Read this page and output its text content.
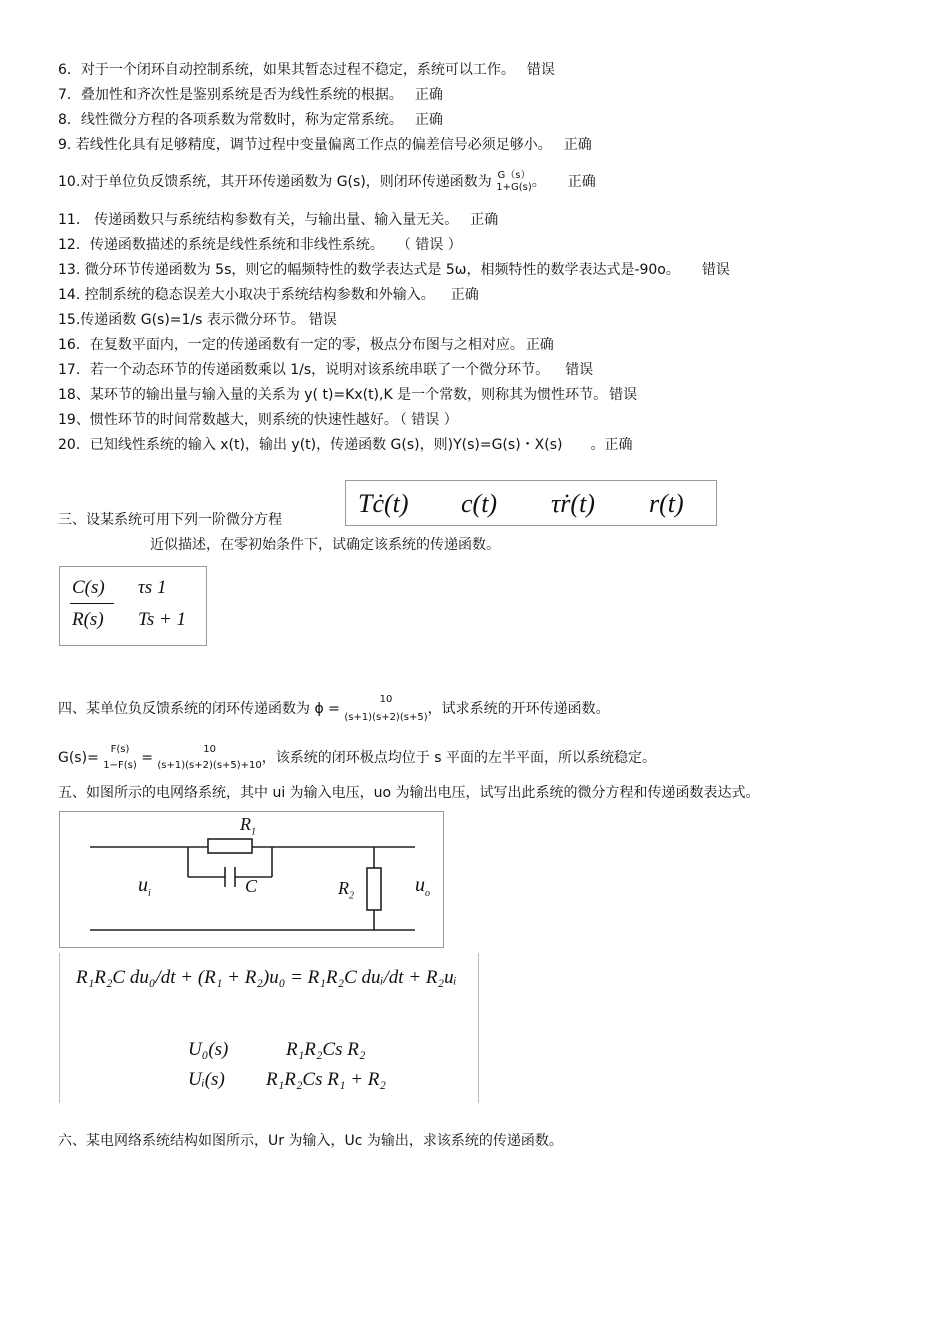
6．对于一个闭环自动控制系统，如果其暂态过程不稳定，系统可以工作。 错误
7．叠加性和齐次性是鉴别系统是否为线性系统的根据。 正确
8．线性微分方程的各项系数为常数时，称为定常系统。 正确
9. 若线性化具有足够精度，调节过程中变量偏离工作点的偏差信号必须足够小。 正确
10.对于单位负反馈系统，其开环传递函数为 G(s)，则闭环传递函数为 G（s）
1+G(s) 。 正确
11． 传递函数只与系统结构参数有关，与输出量、输入量无关。 正确
12．传递函数描述的系统是线性系统和非线性系统。 （ 错误 ）
13. 微分环节传递函数为 5s，则它的幅频特性的数学表达式是 5ω，相频特性的数学表达式是-90o。 错误
14. 控制系统的稳态误差大小取决于系统结构参数和外输入。 正确
15.传递函数 G(s)=1/s 表示微分环节。 错误
16．在复数平面内，一定的传递函数有一定的零，极点分布图与之相对应。 正确
17．若一个动态环节的传递函数乘以 1/s，说明对该系统串联了一个微分环节。 错误
18、某环节的输出量与输入量的关系为 y( t)=Kx(t),K 是一个常数，则称其为惯性环节。 错误
19、惯性环节的时间常数越大，则系统的快速性越好。 （ 错误 ）
20．已知线性系统的输入 x(t)，输出 y(t)，传递函数 G(s)，则)Y(s)=G(s)・X(s) 。正确
三、设某系统可用下列一阶微分方程
Tċ(t) c(t) τṙ(t) r(t)
近似描述，在零初始条件下，试确定该系统的传递函数。
C(s) τs 1
R(s) Ts + 1
四、某单位负反馈系统的闭环传递函数为 ϕ =
10
(s+1)(s+2)(s+5)
，试求系统的开环传递函数。
G(s)=
F(s)
1−F(s) =
10
(s+1)(s+2)(s+5)+10 ，该系统的闭环极点均位于 s 平面的左半平面，所以系统稳定。
五、如图所示的电网络系统，其中 ui 为输入电压，uo 为输出电压，试写出此系统的微分方程和传递函数表达式。
$R_1$
C	$R_2$
$u_i$	$u_o$
R₁R₂C du₀/dt + (R₁ + R₂)u₀ = R₁R₂C duᵢ/dt + R₂uᵢ
U₀(s)	R₁R₂Cs R₂
Uᵢ(s) R₁R₂Cs R₁ + R₂
六、某电网络系统结构如图所示，Ur 为输入，Uc 为输出，求该系统的传递函数。
